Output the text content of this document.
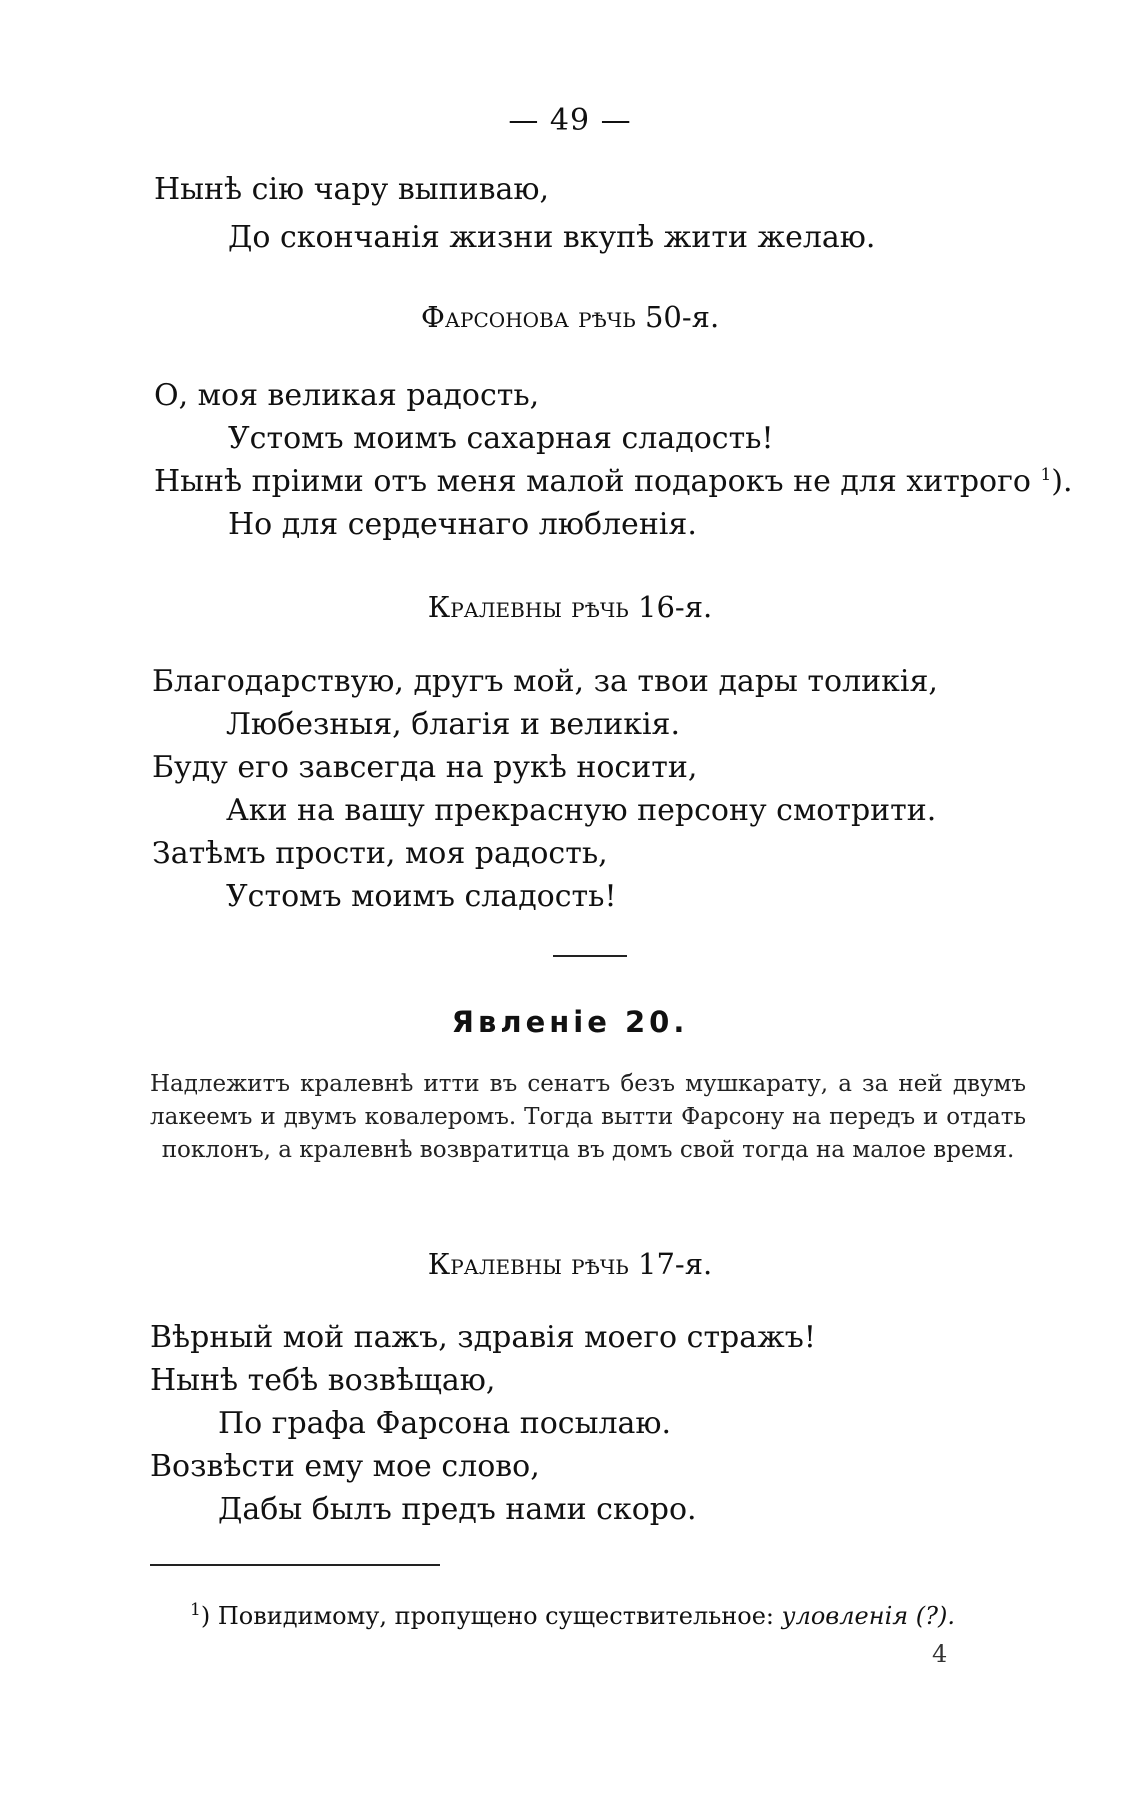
— 49 —
Нынѣ сію чару выпиваю,
До скончанія жизни вкупѣ жити желаю.
Фарсонова рѣчь 50-я.
О, моя великая радость,
Устомъ моимъ сахарная сладость!
Нынѣ пріими отъ меня малой подарокъ не для хитрого $^1$).
Но для сердечнаго любленія.
Кралевны рѣчь 16-я.
Благодарствую, другъ мой, за твои дары толикія,
Любезныя, благія и великія.
Буду его завсегда на рукѣ носити,
Аки на вашу прекрасную персону смотрити.
Затѣмъ прости, моя радость,
Устомъ моимъ сладость!
Явленіе 20.
Надлежитъ кралевнѣ итти въ сенатъ безъ мушкарату, а за ней двумъ лакеемъ и двумъ ковалеромъ. Тогда вытти Фарсону на передъ и отдать поклонъ, а кралевнѣ возвратитца въ домъ свой тогда на малое время.
Кралевны рѣчь 17-я.
Вѣрный мой пажъ, здравія моего стражъ!
Нынѣ тебѣ возвѣщаю,
По графа Фарсона посылаю.
Возвѣсти ему мое слово,
Дабы былъ предъ нами скоро.
$^1$) Повидимому, пропущено существительное: уловленія (?).
4
